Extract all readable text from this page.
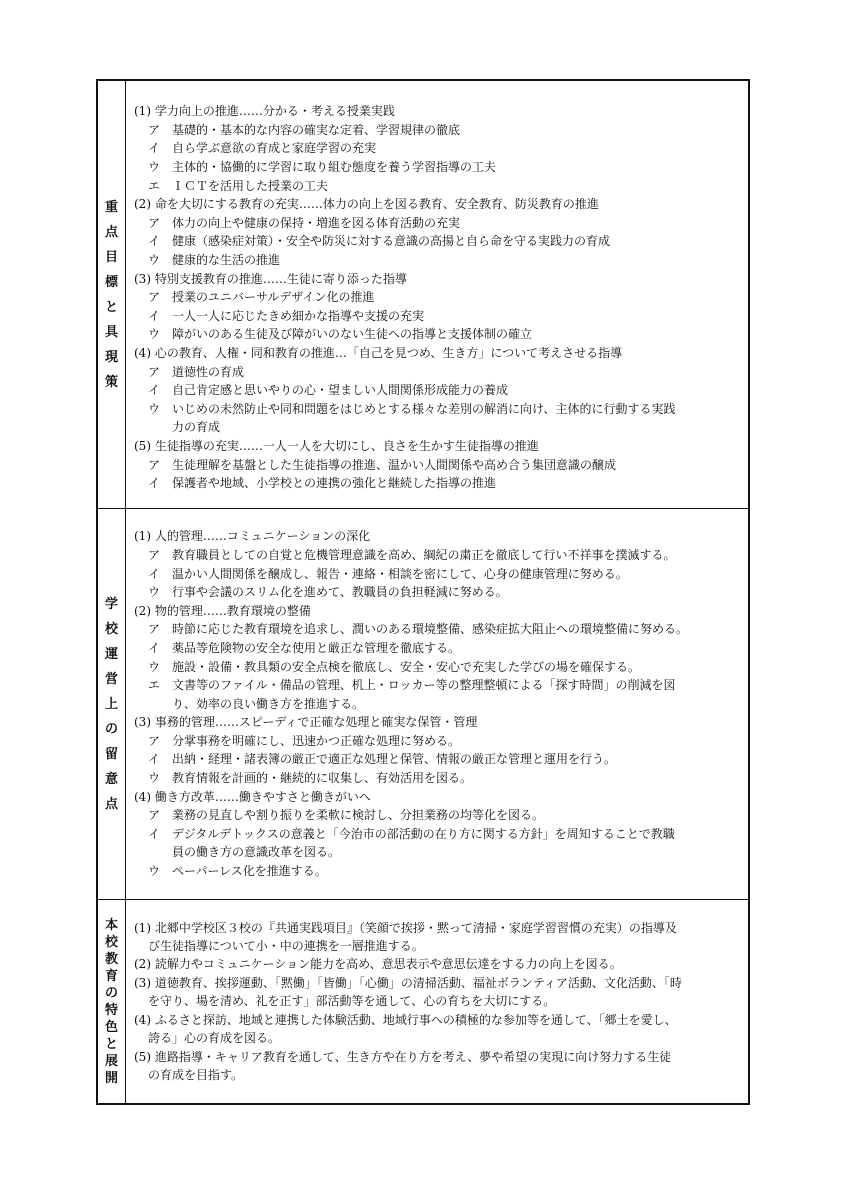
重
点
目
標
と
具
現
策
(1) 学力向上の推進……分かる・考える授業実践
ア　基礎的・基本的な内容の確実な定着、学習規律の徹底
イ　自ら学ぶ意欲の育成と家庭学習の充実
ウ　主体的・協働的に学習に取り組む態度を養う学習指導の工夫
エ　ＩＣＴを活用した授業の工夫
(2) 命を大切にする教育の充実……体力の向上を図る教育、安全教育、防災教育の推進
ア　体力の向上や健康の保持・増進を図る体育活動の充実
イ　健康（感染症対策）・安全や防災に対する意識の高揚と自ら命を守る実践力の育成
ウ　健康的な生活の推進
(3) 特別支援教育の推進……生徒に寄り添った指導
ア　授業のユニバーサルデザイン化の推進
イ　一人一人に応じたきめ細かな指導や支援の充実
ウ　障がいのある生徒及び障がいのない生徒への指導と支援体制の確立
(4) 心の教育、人権・同和教育の推進…「自己を見つめ、生き方」について考えさせる指導
ア　道徳性の育成
イ　自己肯定感と思いやりの心・望ましい人間関係形成能力の養成
ウ　いじめの未然防止や同和問題をはじめとする様々な差別の解消に向け、主体的に行動する実践
力の育成
(5) 生徒指導の充実……一人一人を大切にし、良さを生かす生徒指導の推進
ア　生徒理解を基盤とした生徒指導の推進、温かい人間関係や高め合う集団意識の醸成
イ　保護者や地域、小学校との連携の強化と継続した指導の推進
学
校
運
営
上
の
留
意
点
(1) 人的管理……コミュニケーションの深化
ア　教育職員としての自覚と危機管理意識を高め、綱紀の粛正を徹底して行い不祥事を撲滅する。
イ　温かい人間関係を醸成し、報告・連絡・相談を密にして、心身の健康管理に努める。
ウ　行事や会議のスリム化を進めて、教職員の負担軽減に努める。
(2) 物的管理……教育環境の整備
ア　時節に応じた教育環境を追求し、潤いのある環境整備、感染症拡大阻止への環境整備に努める。
イ　薬品等危険物の安全な使用と厳正な管理を徹底する。
ウ　施設・設備・教具類の安全点検を徹底し、安全・安心で充実した学びの場を確保する。
エ　文書等のファイル・備品の管理、机上・ロッカー等の整理整頓による「探す時間」の削減を図
り、効率の良い働き方を推進する。
(3) 事務的管理……スピーディで正確な処理と確実な保管・管理
ア　分掌事務を明確にし、迅速かつ正確な処理に努める。
イ　出納・経理・諸表簿の厳正で適正な処理と保管、情報の厳正な管理と運用を行う。
ウ　教育情報を計画的・継続的に収集し、有効活用を図る。
(4) 働き方改革……働きやすさと働きがいへ
ア　業務の見直しや割り振りを柔軟に検討し、分担業務の均等化を図る。
イ　デジタルデトックスの意義と「今治市の部活動の在り方に関する方針」を周知することで教職
員の働き方の意識改革を図る。
ウ　ペーパーレス化を推進する。
本
校
教
育
の
特
色
と
展
開
(1) 北郷中学校区３校の『共通実践項目』（笑顔で挨拶・黙って清掃・家庭学習習慣の充実）の指導及
び生徒指導について小・中の連携を一層推進する。
(2) 読解力やコミュニケーション能力を高め、意思表示や意思伝達をする力の向上を図る。
(3) 道徳教育、挨拶運動、「黙働」「皆働」「心働」の清掃活動、福祉ボランティア活動、文化活動、「時
を守り、場を清め、礼を正す」部活動等を通して、心の育ちを大切にする。
(4) ふるさと探訪、地域と連携した体験活動、地域行事への積極的な参加等を通して、「郷土を愛し、
誇る」心の育成を図る。
(5) 進路指導・キャリア教育を通して、生き方や在り方を考え、夢や希望の実現に向け努力する生徒
の育成を目指す。
